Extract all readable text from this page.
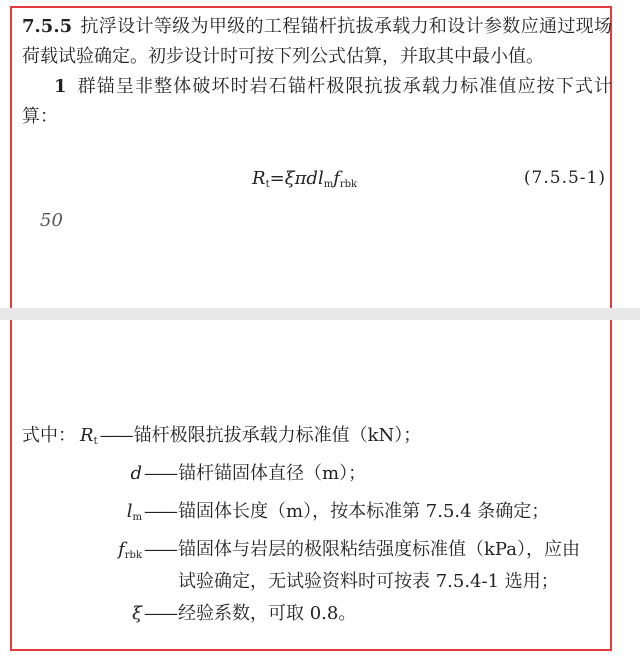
7.5.5 抗浮设计等级为甲级的工程锚杆抗拔承载力和设计参数应通过现场荷载试验确定。初步设计时可按下列公式估算，并取其中最小值。

1 群锚呈非整体破坏时岩石锚杆极限抗拔承载力标准值应按下式计算：

$R_t=\xi\pi dl_mf_{rbk}$	(7.5.5-1)
50
式中： $R_t$ —— 锚杆极限抗拔承载力标准值（kN）；
d —— 锚杆锚固体直径（m）；
$l_m$ —— 锚固体长度（m），按本标准第 7.5.4 条确定；
$f_{rbk}$ —— 锚固体与岩层的极限粘结强度标准值（kPa），应由试验确定，无试验资料时可按表 7.5.4-1 选用；
ξ —— 经验系数，可取 0.8。
